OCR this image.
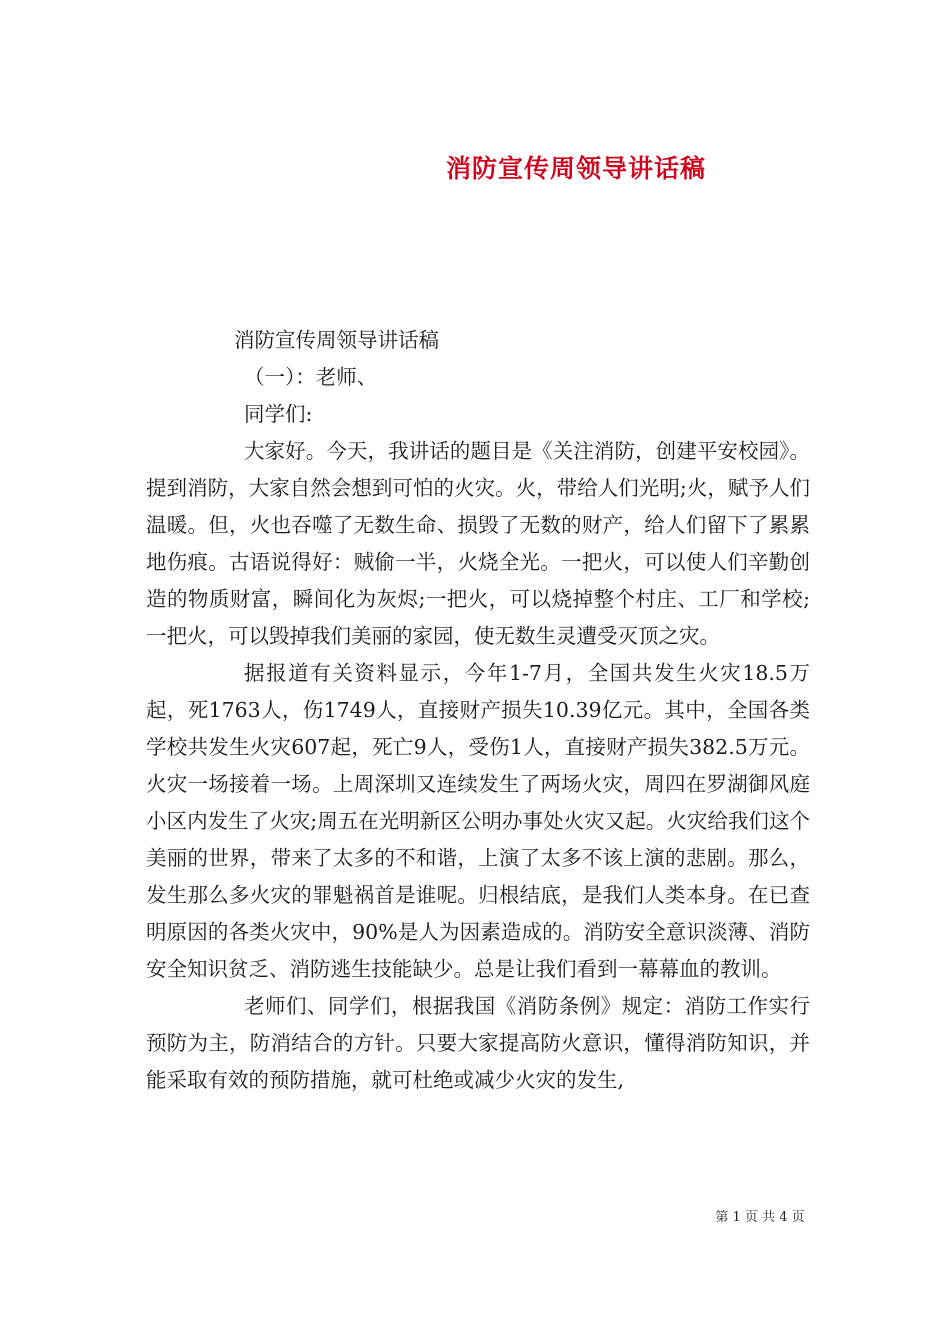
消防宣传周领导讲话稿

消防宣传周领导讲话稿

（一）：老师、

同学们:

大家好。今天，我讲话的题目是《关注消防，创建平安校园》。提到消防，大家自然会想到可怕的火灾。火，带给人们光明;火，赋予人们温暖。但，火也吞噬了无数生命、损毁了无数的财产，给人们留下了累累地伤痕。古语说得好：贼偷一半，火烧全光。一把火，可以使人们辛勤创造的物质财富，瞬间化为灰烬;一把火，可以烧掉整个村庄、工厂和学校;一把火，可以毁掉我们美丽的家园，使无数生灵遭受灭顶之灾。

据报道有关资料显示，今年1-7月，全国共发生火灾18.5万起，死1763人，伤1749人，直接财产损失10.39亿元。其中，全国各类学校共发生火灾607起，死亡9人，受伤1人，直接财产损失382.5万元。火灾一场接着一场。上周深圳又连续发生了两场火灾，周四在罗湖御风庭小区内发生了火灾;周五在光明新区公明办事处火灾又起。火灾给我们这个美丽的世界，带来了太多的不和谐，上演了太多不该上演的悲剧。那么，发生那么多火灾的罪魁祸首是谁呢。归根结底，是我们人类本身。在已查明原因的各类火灾中，90%是人为因素造成的。消防安全意识淡薄、消防安全知识贫乏、消防逃生技能缺少。总是让我们看到一幕幕血的教训。

老师们、同学们，根据我国《消防条例》规定：消防工作实行预防为主，防消结合的方针。只要大家提高防火意识，懂得消防知识，并能采取有效的预防措施，就可杜绝或减少火灾的发生,

第 1 页 共 4 页
